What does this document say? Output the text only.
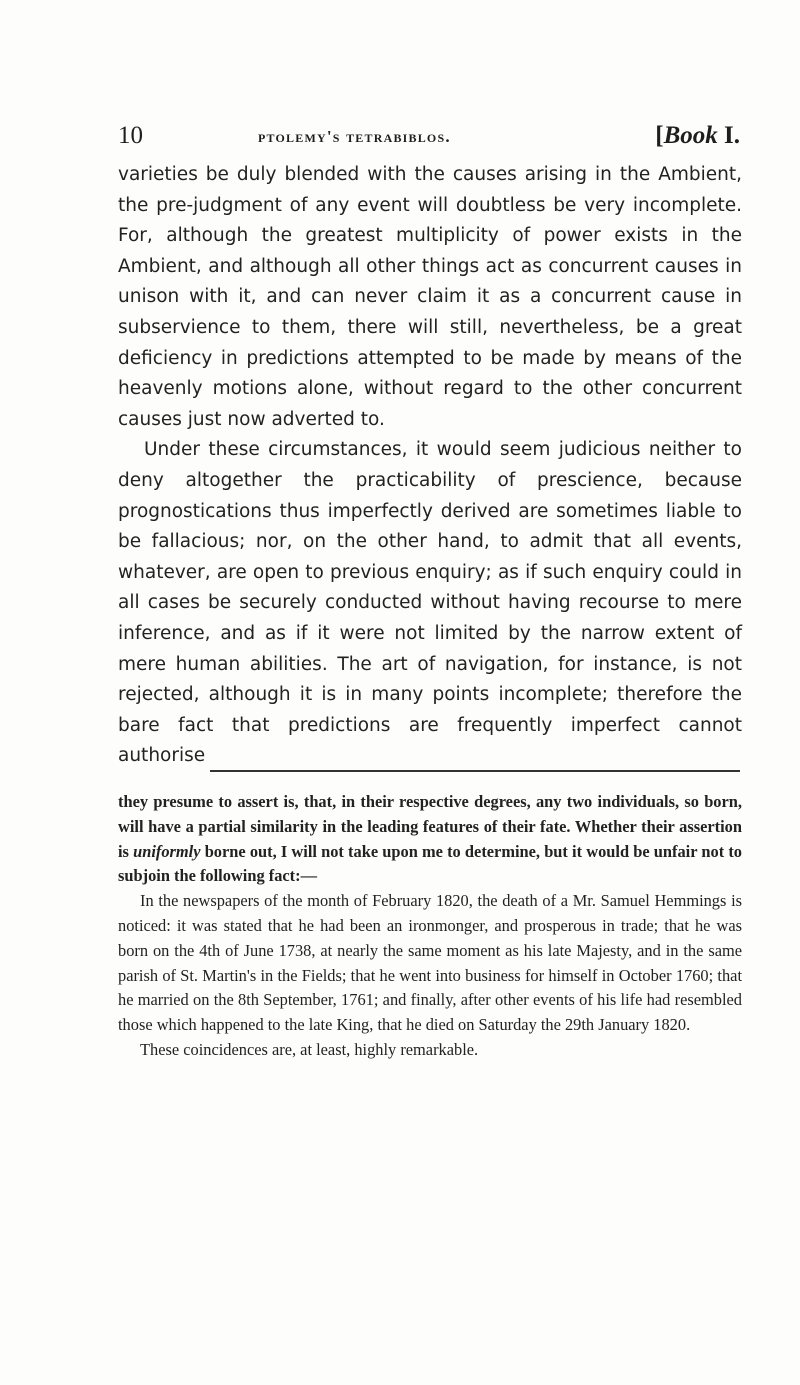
10	ptolemy's tetrabiblos.	[Book I.

varieties be duly blended with the causes arising in the Ambient, the pre-judgment of any event will doubtless be very incomplete. For, although the greatest multiplicity of power exists in the Ambient, and although all other things act as concurrent causes in unison with it, and can never claim it as a concurrent cause in subservience to them, there will still, nevertheless, be a great deficiency in predictions attempted to be made by means of the heavenly motions alone, without regard to the other concurrent causes just now adverted to.

Under these circumstances, it would seem judicious neither to deny altogether the practicability of prescience, because prognostications thus imperfectly derived are sometimes liable to be fallacious; nor, on the other hand, to admit that all events, whatever, are open to previous enquiry; as if such enquiry could in all cases be securely conducted without having recourse to mere inference, and as if it were not limited by the narrow extent of mere human abilities. The art of navigation, for instance, is not rejected, although it is in many points incomplete; therefore the bare fact that predictions are frequently imperfect cannot authorise

they presume to assert is, that, in their respective degrees, any two individuals, so born, will have a partial similarity in the leading features of their fate. Whether their assertion is uniformly borne out, I will not take upon me to determine, but it would be unfair not to subjoin the following fact:—

In the newspapers of the month of February 1820, the death of a Mr. Samuel Hemmings is noticed: it was stated that he had been an ironmonger, and prosperous in trade; that he was born on the 4th of June 1738, at nearly the same moment as his late Majesty, and in the same parish of St. Martin's in the Fields; that he went into business for himself in October 1760; that he married on the 8th September, 1761; and finally, after other events of his life had resembled those which happened to the late King, that he died on Saturday the 29th January 1820.

These coincidences are, at least, highly remarkable.
